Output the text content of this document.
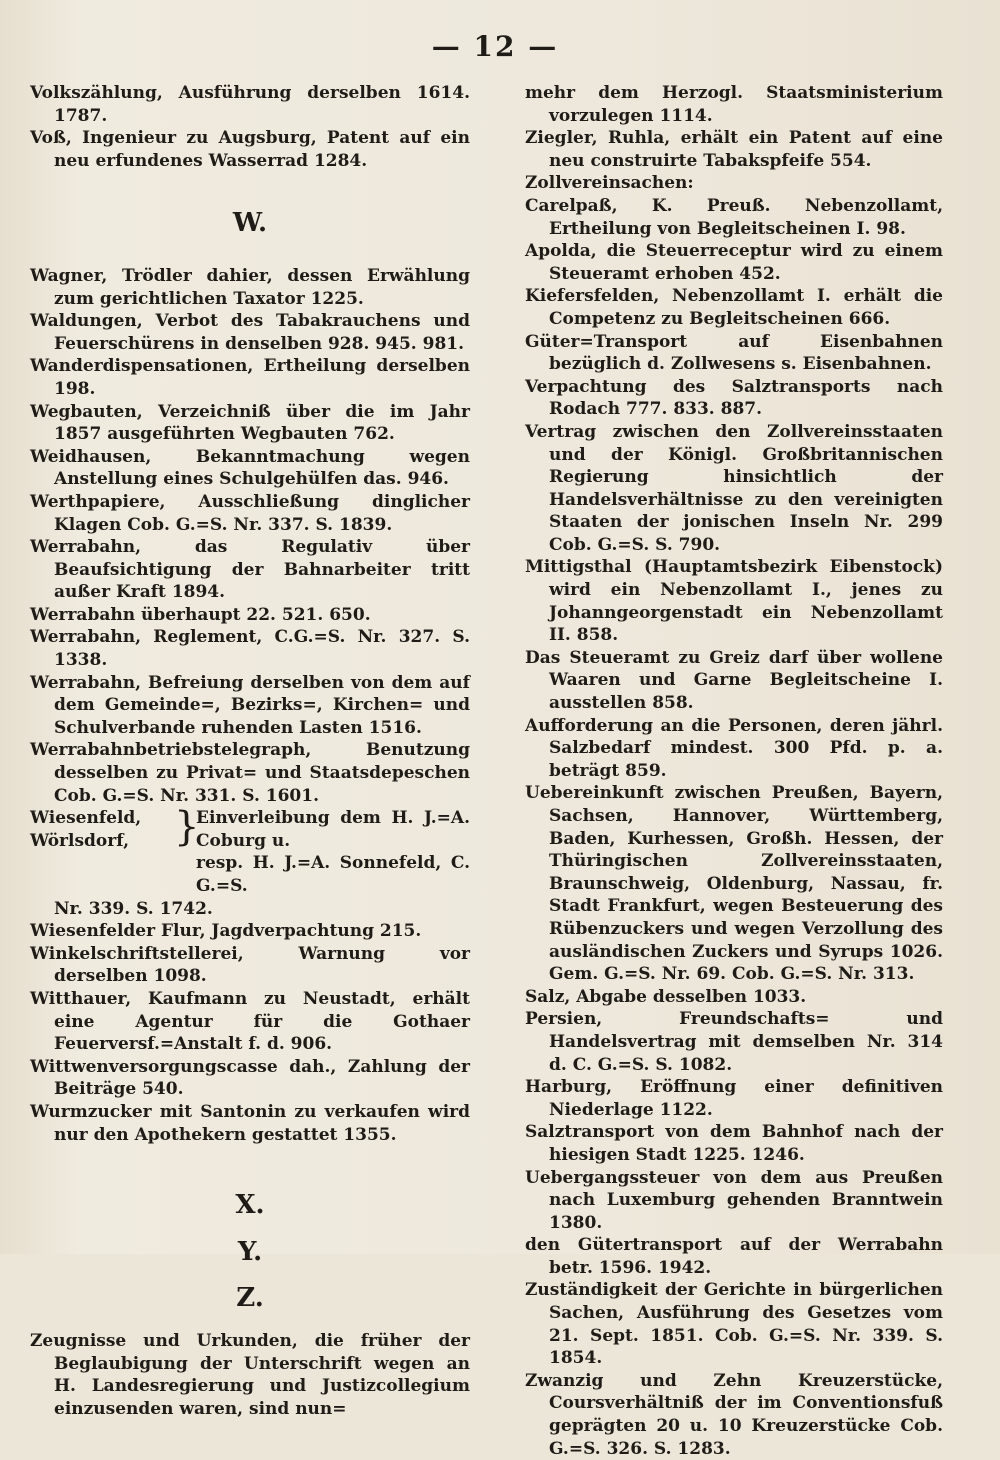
— 12 —

Volkszählung, Ausführung derselben 1614. 1787.

Voß, Ingenieur zu Augsburg, Patent auf ein neu erfundenes Wasserrad 1284.

W.

Wagner, Trödler dahier, dessen Erwählung zum gerichtlichen Taxator 1225.

Waldungen, Verbot des Tabakrauchens und Feuerschürens in denselben 928. 945. 981.

Wanderdispensationen, Ertheilung derselben 198.

Wegbauten, Verzeichniß über die im Jahr 1857 ausgeführten Wegbauten 762.

Weidhausen, Bekanntmachung wegen Anstellung eines Schulgehülfen das. 946.

Werthpapiere, Ausschließung dinglicher Klagen Cob. G.=S. Nr. 337. S. 1839.

Werrabahn, das Regulativ über Beaufsichtigung der Bahnarbeiter tritt außer Kraft 1894.

Werrabahn überhaupt 22. 521. 650.

Werrabahn, Reglement, C.G.=S. Nr. 327. S. 1338.

Werrabahn, Befreiung derselben von dem auf dem Gemeinde=, Bezirks=, Kirchen= und Schulverbande ruhenden Lasten 1516.

Werrabahnbetriebstelegraph, Benutzung desselben zu Privat= und Staatsdepeschen Cob. G.=S. Nr. 331. S. 1601.

Wiesenfeld,
Wörlsdorf,	}
Einverleibung dem H. J.=A. Coburg u.
resp. H. J.=A. Sonnefeld, C. G.=S.
Nr. 339. S. 1742.

Wiesenfelder Flur, Jagdverpachtung 215.

Winkelschriftstellerei, Warnung vor derselben 1098.

Witthauer, Kaufmann zu Neustadt, erhält eine Agentur für die Gothaer Feuerversf.=Anstalt f. d. 906.

Wittwenversorgungscasse dah., Zahlung der Beiträge 540.

Wurmzucker mit Santonin zu verkaufen wird nur den Apothekern gestattet 1355.

X.

Y.

Z.

Zeugnisse und Urkunden, die früher der Beglaubigung der Unterschrift wegen an H. Landesregierung und Justizcollegium einzusenden waren, sind nun=

mehr dem Herzogl. Staatsministerium vorzulegen 1114.

Ziegler, Ruhla, erhält ein Patent auf eine neu construirte Tabakspfeife 554.

Zollvereinsachen:

Carelpaß, K. Preuß. Nebenzollamt, Ertheilung von Begleitscheinen I. 98.

Apolda, die Steuerreceptur wird zu einem Steueramt erhoben 452.

Kiefersfelden, Nebenzollamt I. erhält die Competenz zu Begleitscheinen 666.

Güter=Transport auf Eisenbahnen bezüglich d. Zollwesens s. Eisenbahnen.

Verpachtung des Salztransports nach Rodach 777. 833. 887.

Vertrag zwischen den Zollvereinsstaaten und der Königl. Großbritannischen Regierung hinsichtlich der Handelsverhältnisse zu den vereinigten Staaten der jonischen Inseln Nr. 299 Cob. G.=S. S. 790.

Mittigsthal (Hauptamtsbezirk Eibenstock) wird ein Nebenzollamt I., jenes zu Johanngeorgenstadt ein Nebenzollamt II. 858.

Das Steueramt zu Greiz darf über wollene Waaren und Garne Begleitscheine I. ausstellen 858.

Aufforderung an die Personen, deren jährl. Salzbedarf mindest. 300 Pfd. p. a. beträgt 859.

Uebereinkunft zwischen Preußen, Bayern, Sachsen, Hannover, Württemberg, Baden, Kurhessen, Großh. Hessen, der Thüringischen Zollvereinsstaaten, Braunschweig, Oldenburg, Nassau, fr. Stadt Frankfurt, wegen Besteuerung des Rübenzuckers und wegen Verzollung des ausländischen Zuckers und Syrups 1026. Gem. G.=S. Nr. 69. Cob. G.=S. Nr. 313.

Salz, Abgabe desselben 1033.

Persien, Freundschafts= und Handelsvertrag mit demselben Nr. 314 d. C. G.=S. S. 1082.

Harburg, Eröffnung einer definitiven Niederlage 1122.

Salztransport von dem Bahnhof nach der hiesigen Stadt 1225. 1246.

Uebergangssteuer von dem aus Preußen nach Luxemburg gehenden Branntwein 1380.

den Gütertransport auf der Werrabahn betr. 1596. 1942.

Zuständigkeit der Gerichte in bürgerlichen Sachen, Ausführung des Gesetzes vom 21. Sept. 1851. Cob. G.=S. Nr. 339. S. 1854.

Zwanzig und Zehn Kreuzerstücke, Coursverhältniß der im Conventionsfuß geprägten 20 u. 10 Kreuzerstücke Cob. G.=S. 326. S. 1283.
